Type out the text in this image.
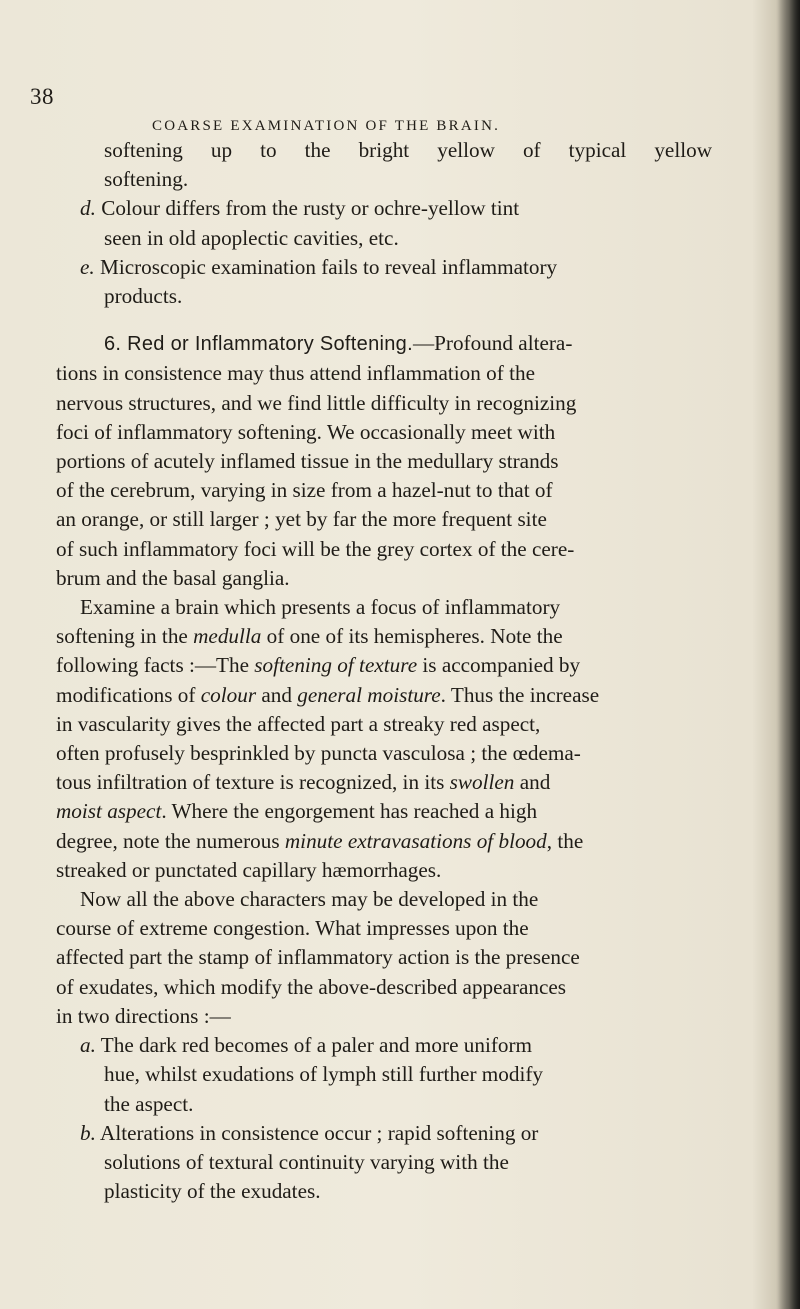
38
COARSE EXAMINATION OF THE BRAIN.
softening up to the bright yellow of typical yellow
softening.
d. Colour differs from the rusty or ochre-yellow tint
seen in old apoplectic cavities, etc.
e. Microscopic examination fails to reveal inflammatory
products.
6. Red or Inflammatory Softening.—Profound altera-
tions in consistence may thus attend inflammation of the
nervous structures, and we find little difficulty in recognizing
foci of inflammatory softening. We occasionally meet with
portions of acutely inflamed tissue in the medullary strands
of the cerebrum, varying in size from a hazel-nut to that of
an orange, or still larger ; yet by far the more frequent site
of such inflammatory foci will be the grey cortex of the cere-
brum and the basal ganglia.
Examine a brain which presents a focus of inflammatory
softening in the medulla of one of its hemispheres. Note the
following facts :—The softening of texture is accompanied by
modifications of colour and general moisture. Thus the increase
in vascularity gives the affected part a streaky red aspect,
often profusely besprinkled by puncta vasculosa ; the œdema-
tous infiltration of texture is recognized, in its swollen and
moist aspect. Where the engorgement has reached a high
degree, note the numerous minute extravasations of blood, the
streaked or punctated capillary hæmorrhages.
Now all the above characters may be developed in the
course of extreme congestion. What impresses upon the
affected part the stamp of inflammatory action is the presence
of exudates, which modify the above-described appearances
in two directions :—
a. The dark red becomes of a paler and more uniform
hue, whilst exudations of lymph still further modify
the aspect.
b. Alterations in consistence occur ; rapid softening or
solutions of textural continuity varying with the
plasticity of the exudates.
